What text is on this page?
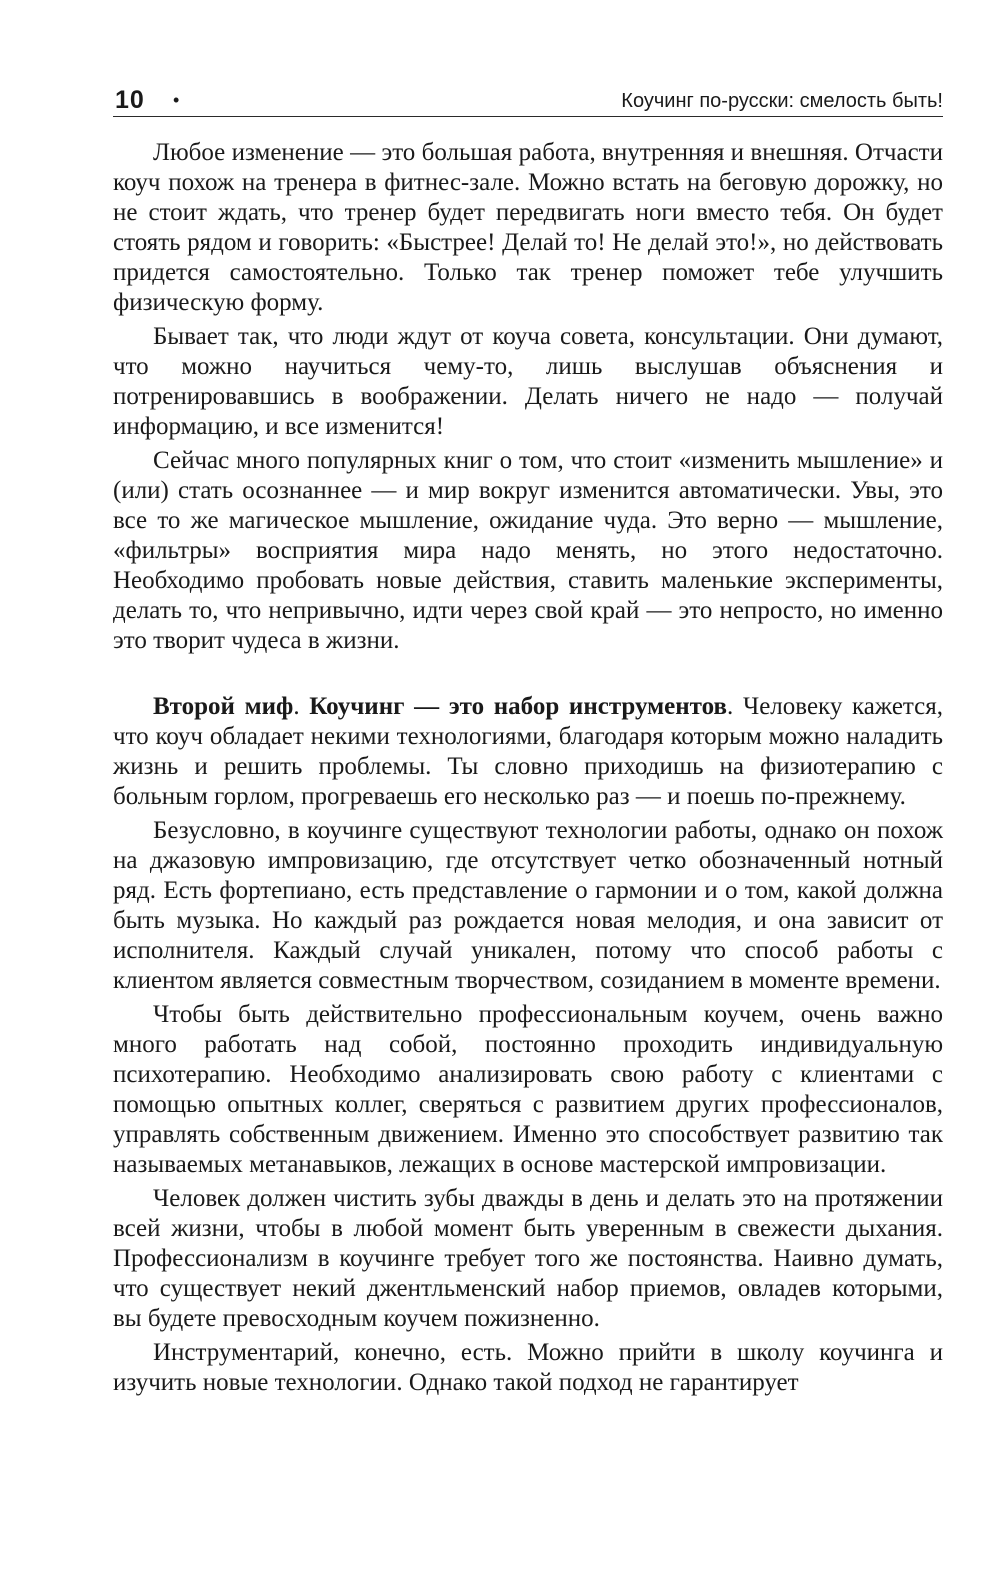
10 •	Коучинг по-русски: смелость быть!

Любое изменение — это большая работа, внутренняя и внешняя. Отчасти коуч похож на тренера в фитнес-зале. Можно встать на беговую дорожку, но не стоит ждать, что тренер будет передвигать ноги вместо тебя. Он будет стоять рядом и говорить: «Быстрее! Делай то! Не делай это!», но действовать придется самостоятельно. Только так тренер поможет тебе улучшить физическую форму.

Бывает так, что люди ждут от коуча совета, консультации. Они думают, что можно научиться чему-то, лишь выслушав объяснения и потренировавшись в воображении. Делать ничего не надо — получай информацию, и все изменится!

Сейчас много популярных книг о том, что стоит «изменить мышление» и (или) стать осознаннее — и мир вокруг изменится автоматически. Увы, это все то же магическое мышление, ожидание чуда. Это верно — мышление, «фильтры» восприятия мира надо менять, но этого недостаточно. Необходимо пробовать новые действия, ставить маленькие эксперименты, делать то, что непривычно, идти через свой край — это непросто, но именно это творит чудеса в жизни.

Второй миф. Коучинг — это набор инструментов. Человеку кажется, что коуч обладает некими технологиями, благодаря которым можно наладить жизнь и решить проблемы. Ты словно приходишь на физиотерапию с больным горлом, прогреваешь его несколько раз — и поешь по-прежнему.

Безусловно, в коучинге существуют технологии работы, однако он похож на джазовую импровизацию, где отсутствует четко обозначенный нотный ряд. Есть фортепиано, есть представление о гармонии и о том, какой должна быть музыка. Но каждый раз рождается новая мелодия, и она зависит от исполнителя. Каждый случай уникален, потому что способ работы с клиентом является совместным творчеством, созиданием в моменте времени.

Чтобы быть действительно профессиональным коучем, очень важно много работать над собой, постоянно проходить индивидуальную психотерапию. Необходимо анализировать свою работу с клиентами с помощью опытных коллег, сверяться с развитием других профессионалов, управлять собственным движением. Именно это способствует развитию так называемых метанавыков, лежащих в основе мастерской импровизации.

Человек должен чистить зубы дважды в день и делать это на протяжении всей жизни, чтобы в любой момент быть уверенным в свежести дыхания. Профессионализм в коучинге требует того же постоянства. Наивно думать, что существует некий джентльменский набор приемов, овладев которыми, вы будете превосходным коучем пожизненно.

Инструментарий, конечно, есть. Можно прийти в школу коучинга и изучить новые технологии. Однако такой подход не гарантирует
